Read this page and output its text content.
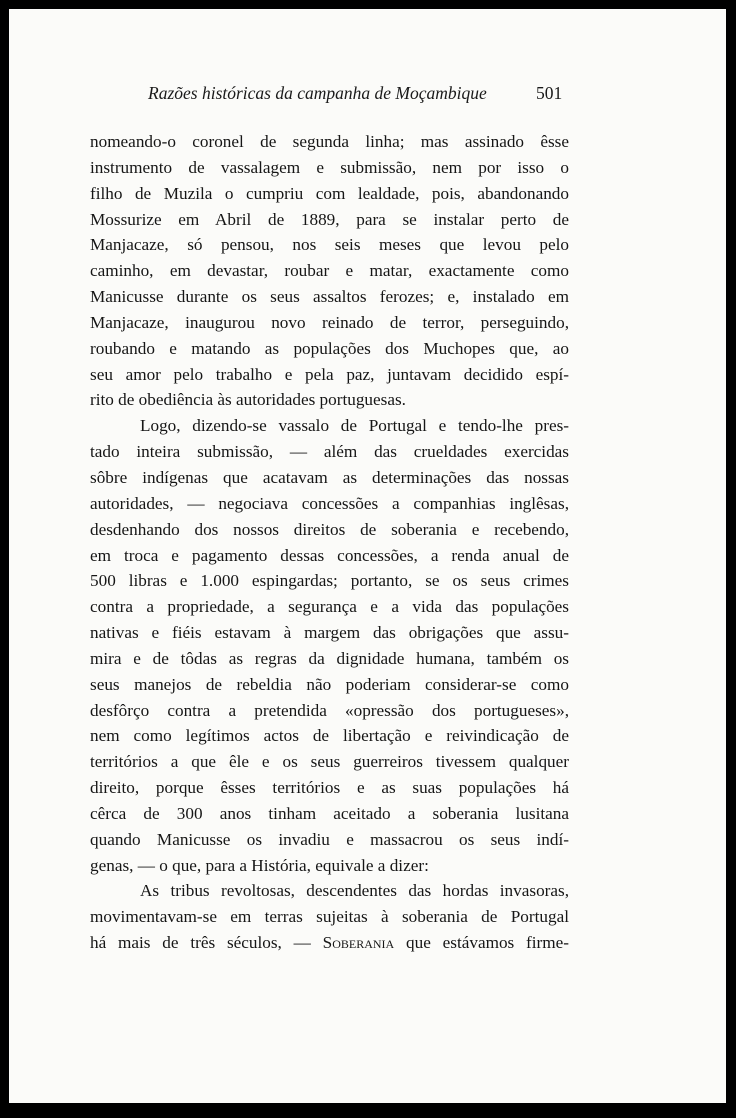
Razões históricas da campanha de Moçambique	501
nomeando-o coronel de segunda linha; mas assinado êsse
instrumento de vassalagem e submissão, nem por isso o
filho de Muzila o cumpriu com lealdade, pois, abandonando
Mossurize em Abril de 1889, para se instalar perto de
Manjacaze, só pensou, nos seis meses que levou pelo
caminho, em devastar, roubar e matar, exactamente como
Manicusse durante os seus assaltos ferozes; e, instalado em
Manjacaze, inaugurou novo reinado de terror, perseguindo,
roubando e matando as populações dos Muchopes que, ao
seu amor pelo trabalho e pela paz, juntavam decidido espí-
rito de obediência às autoridades portuguesas.
Logo, dizendo-se vassalo de Portugal e tendo-lhe pres-
tado inteira submissão, — além das crueldades exercidas
sôbre indígenas que acatavam as determinações das nossas
autoridades, — negociava concessões a companhias inglêsas,
desdenhando dos nossos direitos de soberania e recebendo,
em troca e pagamento dessas concessões, a renda anual de
500 libras e 1.000 espingardas; portanto, se os seus crimes
contra a propriedade, a segurança e a vida das populações
nativas e fiéis estavam à margem das obrigações que assu-
mira e de tôdas as regras da dignidade humana, também os
seus manejos de rebeldia não poderiam considerar-se como
desfôrço contra a pretendida «opressão dos portugueses»,
nem como legítimos actos de libertação e reivindicação de
territórios a que êle e os seus guerreiros tivessem qualquer
direito, porque êsses territórios e as suas populações há
cêrca de 300 anos tinham aceitado a soberania lusitana
quando Manicusse os invadiu e massacrou os seus indí-
genas, — o que, para a História, equivale a dizer:
As tribus revoltosas, descendentes das hordas invasoras,
movimentavam-se em terras sujeitas à soberania de Portugal
há mais de três séculos, — Soberania que estávamos firme-
